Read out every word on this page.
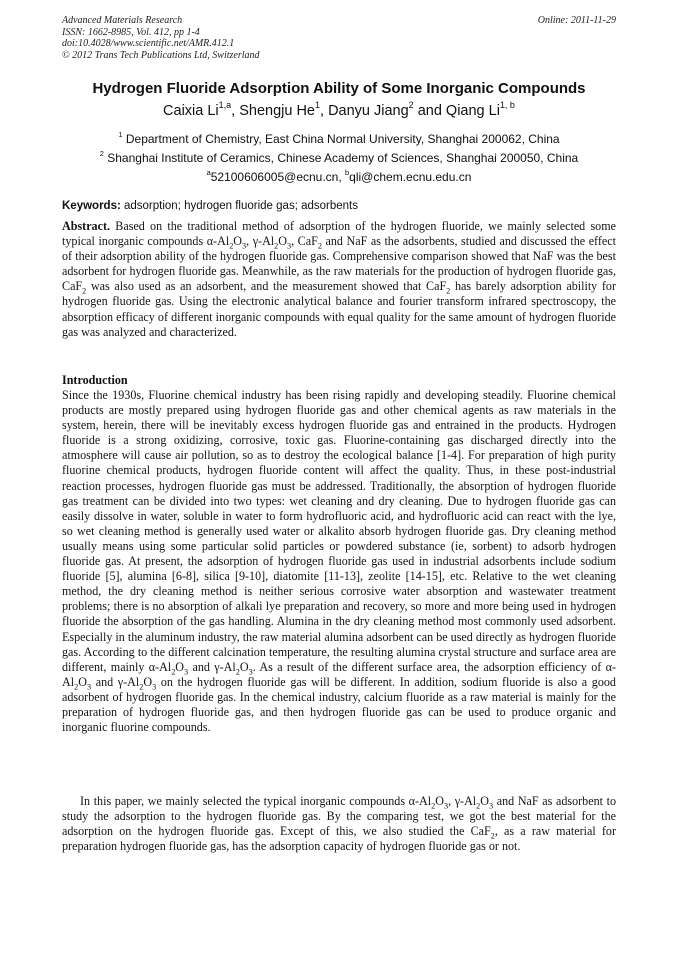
Advanced Materials Research
ISSN: 1662-8985, Vol. 412, pp 1-4
doi:10.4028/www.scientific.net/AMR.412.1
© 2012 Trans Tech Publications Ltd, Switzerland
Online: 2011-11-29
Hydrogen Fluoride Adsorption Ability of Some Inorganic Compounds
Caixia Li$^{1,a}$, Shengju He$^1$, Danyu Jiang$^2$ and Qiang Li$^{1, b}$
$^1$ Department of Chemistry, East China Normal University, Shanghai 200062, China
$^2$ Shanghai Institute of Ceramics, Chinese Academy of Sciences, Shanghai 200050, China
$^a$52100606005@ecnu.cn, $^b$qli@chem.ecnu.edu.cn
Keywords: adsorption; hydrogen fluoride gas; adsorbents

Abstract. Based on the traditional method of adsorption of the hydrogen fluoride, we mainly selected some typical inorganic compounds $\alpha-Al_2O_3$, $\gamma-Al_2O_3$, CaF$_2$ and NaF as the adsorbents, studied and discussed the effect of their adsorption ability of the hydrogen fluoride gas. Comprehensive comparison showed that NaF was the best adsorbent for hydrogen fluoride gas. Meanwhile, as the raw materials for the production of hydrogen fluoride gas, CaF$_2$ was also used as an adsorbent, and the measurement showed that CaF$_2$ has barely adsorption ability for hydrogen fluoride gas. Using the electronic analytical balance and fourier transform infrared spectroscopy, the absorption efficacy of different inorganic compounds with equal quality for the same amount of hydrogen fluoride gas was analyzed and characterized.

Introduction

Since the 1930s, Fluorine chemical industry has been rising rapidly and developing steadily. Fluorine chemical products are mostly prepared using hydrogen fluoride gas and other chemical agents as raw materials in the system, herein, there will be inevitably excess hydrogen fluoride gas and entrained in the products. Hydrogen fluoride is a strong oxidizing, corrosive, toxic gas. Fluorine-containing gas discharged directly into the atmosphere will cause air pollution, so as to destroy the ecological balance [1-4]. For preparation of high purity fluorine chemical products, hydrogen fluoride content will affect the quality. Thus, in these post-industrial reaction processes, hydrogen fluoride gas must be addressed. Traditionally, the absorption of hydrogen fluoride gas treatment can be divided into two types: wet cleaning and dry cleaning. Due to hydrogen fluoride gas can easily dissolve in water, soluble in water to form hydrofluoric acid, and hydrofluoric acid can react with the lye, so wet cleaning method is generally used water or alkalito absorb hydrogen fluoride gas. Dry cleaning method usually means using some particular solid particles or powdered substance (ie, sorbent) to adsorb hydrogen fluoride gas. At present, the adsorption of hydrogen fluoride gas used in industrial adsorbents include sodium fluoride [5], alumina [6-8], silica [9-10], diatomite [11-13], zeolite [14-15], etc. Relative to the wet cleaning method, the dry cleaning method is neither serious corrosive water absorption and wastewater treatment problems; there is no absorption of alkali lye preparation and recovery, so more and more being used in hydrogen fluoride the absorption of the gas handling. Alumina in the dry cleaning method most commonly used adsorbent. Especially in the aluminum industry, the raw material alumina adsorbent can be used directly as hydrogen fluoride gas. According to the different calcination temperature, the resulting alumina crystal structure and surface area are different, mainly $\alpha-Al_2O_3$ and $\gamma-Al_2O_3$. As a result of the different surface area, the adsorption efficiency of $\alpha-Al_2O_3$ and $\gamma-Al_2O_3$ on the hydrogen fluoride gas will be different. In addition, sodium fluoride is also a good adsorbent of hydrogen fluoride gas. In the chemical industry, calcium fluoride as a raw material is mainly for the preparation of hydrogen fluoride gas, and then hydrogen fluoride gas can be used to produce organic and inorganic fluorine compounds.

In this paper, we mainly selected the typical inorganic compounds $\alpha-Al_2O_3$, $\gamma-Al_2O_3$ and NaF as adsorbent to study the adsorption to the hydrogen fluoride gas. By the comparing test, we got the best material for the adsorption on the hydrogen fluoride gas. Except of this, we also studied the CaF$_2$, as a raw material for preparation hydrogen fluoride gas, has the adsorption capacity of hydrogen fluoride gas or not.
